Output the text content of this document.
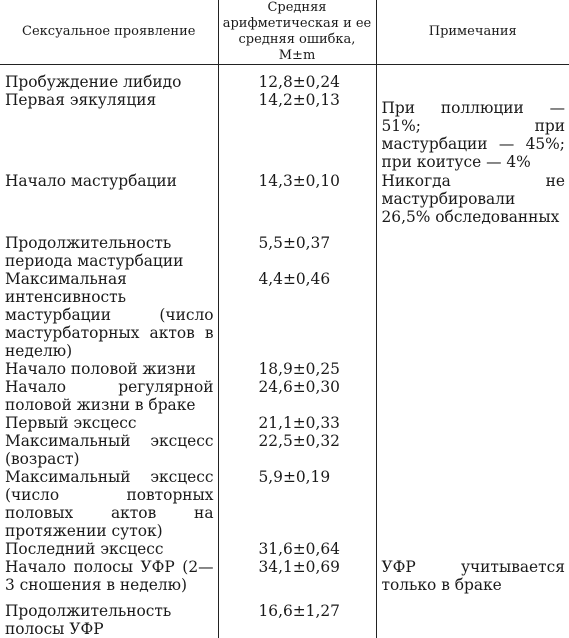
Сексуальное проявление	Средняя арифметическая и ее средняя ошибка, M±m	Примечания
Пробуждение либидо	12,8±0,24	
Первая эякуляция	14,2±0,13	При поллюции — 51%; при мастурбации — 45%; при коитусе — 4%

Начало мастурбации	14,3±0,10	Никогда не мастурбировали 26,5% обследованных
Продолжительность периода мастурбации	5,5±0,37	
Максимальная интенсивность мастурбации (число мастурбаторных актов в неделю)	4,4±0,46	
Начало половой жизни	18,9±0,25	
Начало регулярной половой жизни в браке	24,6±0,30	
Первый эксцесс	21,1±0,33	
Максимальный эксцесс (возраст)	22,5±0,32	
Максимальный эксцесс (число повторных половых актов на протяжении суток)	5,9±0,19	
Последний эксцесс	31,6±0,64	
Начало полосы УФР (2—3 сношения в неделю)	34,1±0,69	УФР учитывается только в браке
Продолжительность полосы УФР	16,6±1,27	
